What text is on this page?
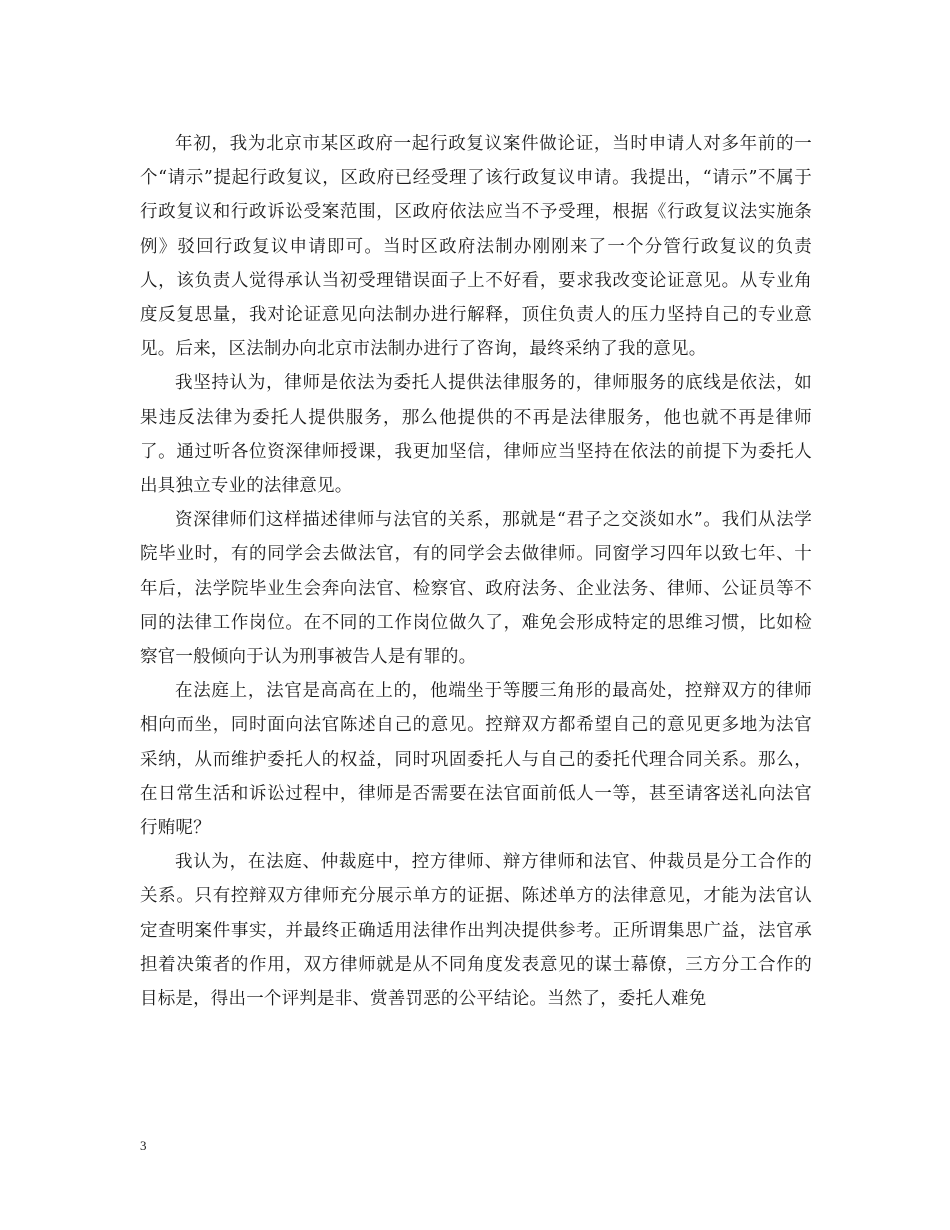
年初，我为北京市某区政府一起行政复议案件做论证，当时申请人对多年前的一个“请示”提起行政复议，区政府已经受理了该行政复议申请。我提出，“请示”不属于行政复议和行政诉讼受案范围，区政府依法应当不予受理，根据《行政复议法实施条例》驳回行政复议申请即可。当时区政府法制办刚刚来了一个分管行政复议的负责人，该负责人觉得承认当初受理错误面子上不好看，要求我改变论证意见。从专业角度反复思量，我对论证意见向法制办进行解释，顶住负责人的压力坚持自己的专业意见。后来，区法制办向北京市法制办进行了咨询，最终采纳了我的意见。

我坚持认为，律师是依法为委托人提供法律服务的，律师服务的底线是依法，如果违反法律为委托人提供服务，那么他提供的不再是法律服务，他也就不再是律师了。通过听各位资深律师授课，我更加坚信，律师应当坚持在依法的前提下为委托人出具独立专业的法律意见。

资深律师们这样描述律师与法官的关系，那就是“君子之交淡如水”。我们从法学院毕业时，有的同学会去做法官，有的同学会去做律师。同窗学习四年以致七年、十年后，法学院毕业生会奔向法官、检察官、政府法务、企业法务、律师、公证员等不同的法律工作岗位。在不同的工作岗位做久了，难免会形成特定的思维习惯，比如检察官一般倾向于认为刑事被告人是有罪的。

在法庭上，法官是高高在上的，他端坐于等腰三角形的最高处，控辩双方的律师相向而坐，同时面向法官陈述自己的意见。控辩双方都希望自己的意见更多地为法官采纳，从而维护委托人的权益，同时巩固委托人与自己的委托代理合同关系。那么，在日常生活和诉讼过程中，律师是否需要在法官面前低人一等，甚至请客送礼向法官行贿呢？

我认为，在法庭、仲裁庭中，控方律师、辩方律师和法官、仲裁员是分工合作的关系。只有控辩双方律师充分展示单方的证据、陈述单方的法律意见，才能为法官认定查明案件事实，并最终正确适用法律作出判决提供参考。正所谓集思广益，法官承担着决策者的作用，双方律师就是从不同角度发表意见的谋士幕僚，三方分工合作的目标是，得出一个评判是非、赏善罚恶的公平结论。当然了，委托人难免

3
